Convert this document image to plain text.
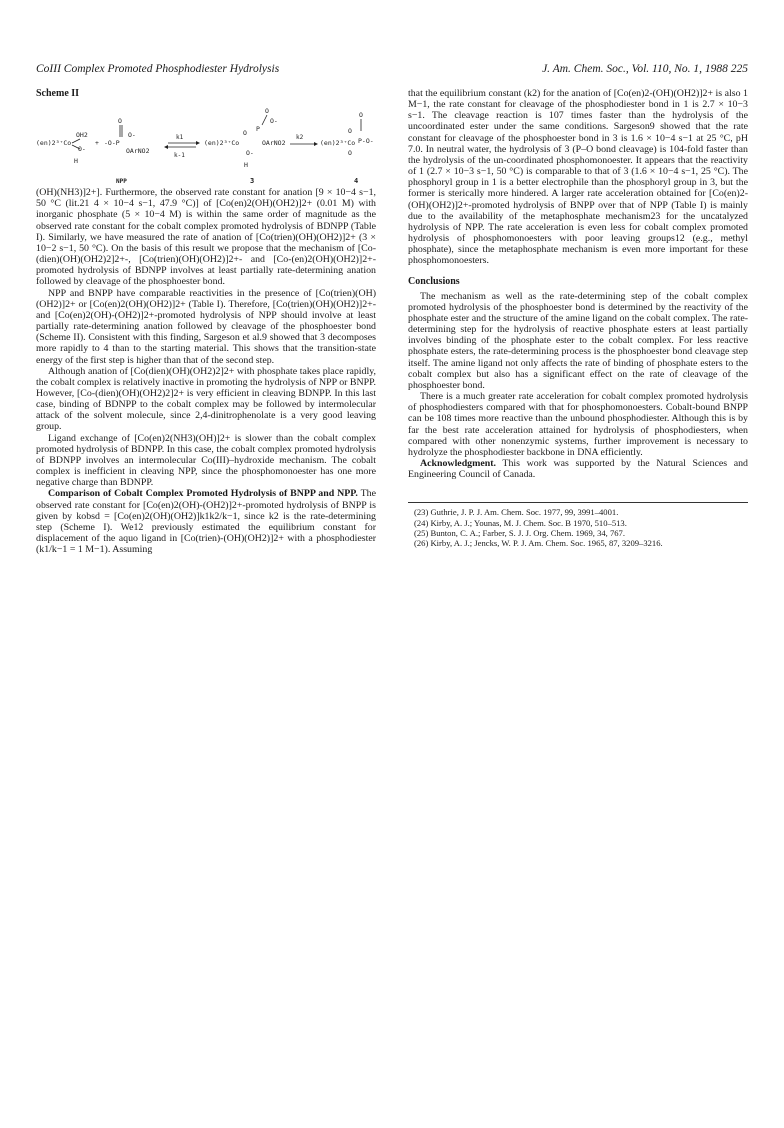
CoIII Complex Promoted Phosphodiester Hydrolysis	J. Am. Chem. Soc., Vol. 110, No. 1, 1988 225
Scheme II
(en)2³⁺Co
OH2
O-
H
+ -O-P
O
O-
OArNO2
k1
k-1
(en)2³⁺Co
O P
O
O-
OArNO2
O-
H
k2
(en)2³⁺Co
O
O
P-O-
O
NPP	3	4

(OH)(NH3)]2+]. Furthermore, the observed rate constant for anation [9 × 10−4 s−1, 50 °C (lit.21 4 × 10−4 s−1, 47.9 °C)] of [Co(en)2(OH)(OH2)]2+ (0.01 M) with inorganic phosphate (5 × 10−4 M) is within the same order of magnitude as the observed rate constant for the cobalt complex promoted hydrolysis of BDNPP (Table I). Similarly, we have measured the rate of anation of [Co(trien)(OH)(OH2)]2+ (3 × 10−2 s−1, 50 °C). On the basis of this result we propose that the mechanism of [Co-(dien)(OH)(OH2)2]2+-, [Co(trien)(OH)(OH2)]2+- and [Co-(en)2(OH)(OH2)]2+-promoted hydrolysis of BDNPP involves at least partially rate-determining anation followed by cleavage of the phosphoester bond.

NPP and BNPP have comparable reactivities in the presence of [Co(trien)(OH)(OH2)]2+ or [Co(en)2(OH)(OH2)]2+ (Table I). Therefore, [Co(trien)(OH)(OH2)]2+- and [Co(en)2(OH)-(OH2)]2+-promoted hydrolysis of NPP should involve at least partially rate-determining anation followed by cleavage of the phosphoester bond (Scheme II). Consistent with this finding, Sargeson et al.9 showed that 3 decomposes more rapidly to 4 than to the starting material. This shows that the transition-state energy of the first step is higher than that of the second step.

Although anation of [Co(dien)(OH)(OH2)2]2+ with phosphate takes place rapidly, the cobalt complex is relatively inactive in promoting the hydrolysis of NPP or BNPP. However, [Co-(dien)(OH)(OH2)2]2+ is very efficient in cleaving BDNPP. In this last case, binding of BDNPP to the cobalt complex may be followed by intermolecular attack of the solvent molecule, since 2,4-dinitrophenolate is a very good leaving group.

Ligand exchange of [Co(en)2(NH3)(OH)]2+ is slower than the cobalt complex promoted hydrolysis of BDNPP. In this case, the cobalt complex promoted hydrolysis of BDNPP involves an intermolecular Co(III)–hydroxide mechanism. The cobalt complex is inefficient in cleaving NPP, since the phosphomonoester has one more negative charge than BDNPP.

Comparison of Cobalt Complex Promoted Hydrolysis of BNPP and NPP. The observed rate constant for [Co(en)2(OH)-(OH2)]2+-promoted hydrolysis of BNPP is given by kobsd = [Co(en)2(OH)(OH2)]k1k2/k−1, since k2 is the rate-determining step (Scheme I). We12 previously estimated the equilibrium constant for displacement of the aquo ligand in [Co(trien)-(OH)(OH2)]2+ with a phosphodiester (k1/k−1 = 1 M−1). Assuming

that the equilibrium constant (k2) for the anation of [Co(en)2-(OH)(OH2)]2+ is also 1 M−1, the rate constant for cleavage of the phosphodiester bond in 1 is 2.7 × 10−3 s−1. The cleavage reaction is 107 times faster than the hydrolysis of the uncoordinated ester under the same conditions. Sargeson9 showed that the rate constant for cleavage of the phosphoester bond in 3 is 1.6 × 10−4 s−1 at 25 °C, pH 7.0. In neutral water, the hydrolysis of 3 (P–O bond cleavage) is 104-fold faster than the hydrolysis of the un-coordinated phosphomonoester. It appears that the reactivity of 1 (2.7 × 10−3 s−1, 50 °C) is comparable to that of 3 (1.6 × 10−4 s−1, 25 °C). The phosphoryl group in 1 is a better electrophile than the phosphoryl group in 3, but the former is sterically more hindered. A larger rate acceleration obtained for [Co(en)2-(OH)(OH2)]2+-promoted hydrolysis of BNPP over that of NPP (Table I) is mainly due to the availability of the metaphosphate mechanism23 for the uncatalyzed hydrolysis of NPP. The rate acceleration is even less for cobalt complex promoted hydrolysis of phosphomonoesters with poor leaving groups12 (e.g., methyl phosphate), since the metaphosphate mechanism is even more important for these phosphomonoesters.

Conclusions

The mechanism as well as the rate-determining step of the cobalt complex promoted hydrolysis of the phosphoester bond is determined by the reactivity of the phosphate ester and the structure of the amine ligand on the cobalt complex. The rate-determining step for the hydrolysis of reactive phosphate esters at least partially involves binding of the phosphate ester to the cobalt complex. For less reactive phosphate esters, the rate-determining process is the phosphoester bond cleavage step itself. The amine ligand not only affects the rate of binding of phosphate esters to the cobalt complex but also has a significant effect on the rate of cleavage of the phosphoester bond.

There is a much greater rate acceleration for cobalt complex promoted hydrolysis of phosphodiesters compared with that for phosphomonoesters. Cobalt-bound BNPP can be 108 times more reactive than the unbound phosphodiester. Although this is by far the best rate acceleration attained for hydrolysis of phosphodiesters, when compared with other nonenzymic systems, further improvement is necessary to hydrolyze the phosphodiester backbone in DNA efficiently.

Acknowledgment. This work was supported by the Natural Sciences and Engineering Council of Canada.

(23) Guthrie, J. P. J. Am. Chem. Soc. 1977, 99, 3991–4001.
(24) Kirby, A. J.; Younas, M. J. Chem. Soc. B 1970, 510–513.
(25) Bunton, C. A.; Farber, S. J. J. Org. Chem. 1969, 34, 767.
(26) Kirby, A. J.; Jencks, W. P. J. Am. Chem. Soc. 1965, 87, 3209–3216.
